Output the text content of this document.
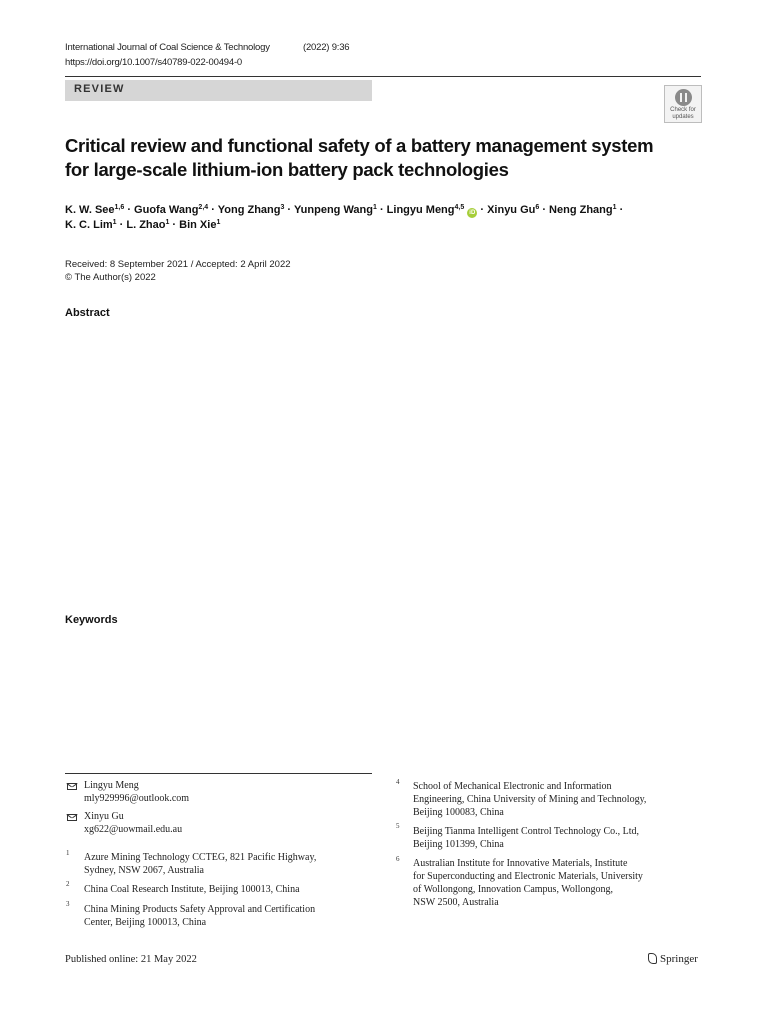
International Journal of Coal Science & Technology	(2022) 9:36
https://doi.org/10.1007/s40789-022-00494-0
REVIEW
Check for
updates
Critical review and functional safety of a battery management system
for large-scale lithium-ion battery pack technologies
K. W. See$^{1,6}$ · Guofa Wang$^{2,4}$ · Yong Zhang$^3$ · Yunpeng Wang$^1$ · Lingyu Meng$^{4,5}$ iD · Xinyu $Gu^6$ · Neng Zhang$^1$ ·
K. C. Lim$^1$ · L. Zhao$^1$ · Bin Xie$^1$
Received: 8 September 2021 / Accepted: 2 April 2022
© The Author(s) 2022
Abstract
Keywords
Lingyu Meng
mly929996@outlook.com
Xinyu Gu
xg622@uowmail.edu.au
1 Azure Mining Technology CCTEG, 821 Pacific Highway,
Sydney, NSW 2067, Australia
2 China Coal Research Institute, Beijing 100013, China
3 China Mining Products Safety Approval and Certification
Center, Beijing 100013, China
4 School of Mechanical Electronic and Information
Engineering, China University of Mining and Technology,
Beijing 100083, China
5 Beijing Tianma Intelligent Control Technology Co., Ltd,
Beijing 101399, China
6 Australian Institute for Innovative Materials, Institute
for Superconducting and Electronic Materials, University
of Wollongong, Innovation Campus, Wollongong,
NSW 2500, Australia
Published online: 21 May 2022	Springer
